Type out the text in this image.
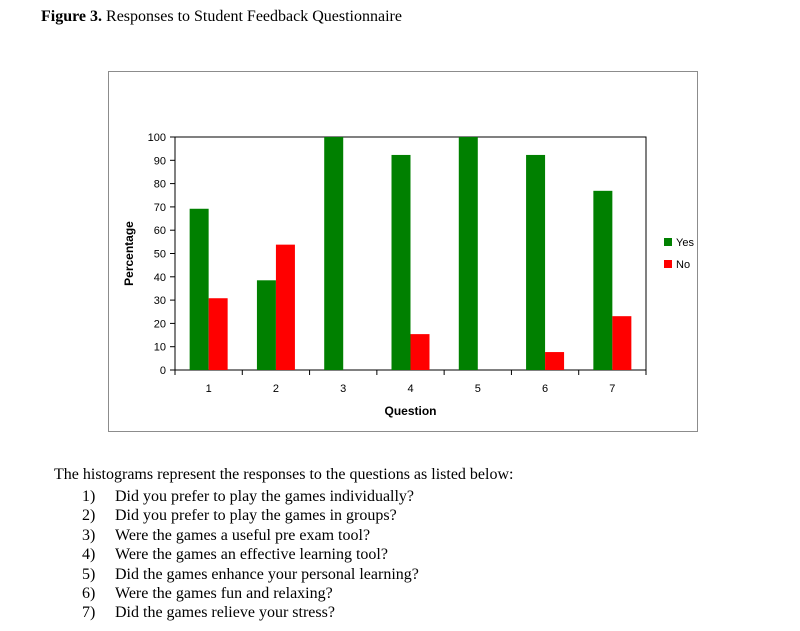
Figure 3. Responses to Student Feedback Questionnaire
0
10
20
30
40
50
60
70
80
90
100
1	2	3	4	5	6	7
Question
Percentage	Yes
No
The histograms represent the responses to the questions as listed below:
1) Did you prefer to play the games individually?
2) Did you prefer to play the games in groups?
3) Were the games a useful pre exam tool?
4) Were the games an effective learning tool?
5) Did the games enhance your personal learning?
6) Were the games fun and relaxing?
7) Did the games relieve your stress?
